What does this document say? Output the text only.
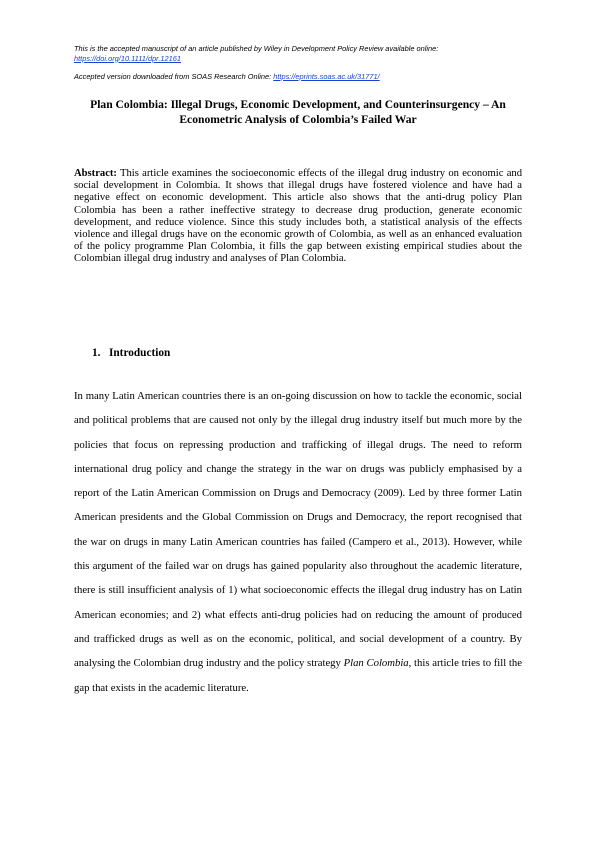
This is the accepted manuscript of an article published by Wiley in Development Policy Review available online:
https://doi.org/10.1111/dpr.12161
Accepted version downloaded from SOAS Research Online: https://eprints.soas.ac.uk/31771/
Plan Colombia: Illegal Drugs, Economic Development, and Counterinsurgency – An
Econometric Analysis of Colombia’s Failed War
Abstract: This article examines the socioeconomic effects of the illegal drug industry on economic and social development in Colombia. It shows that illegal drugs have fostered violence and have had a negative effect on economic development. This article also shows that the anti-drug policy Plan Colombia has been a rather ineffective strategy to decrease drug production, generate economic development, and reduce violence. Since this study includes both, a statistical analysis of the effects violence and illegal drugs have on the economic growth of Colombia, as well as an enhanced evaluation of the policy programme Plan Colombia, it fills the gap between existing empirical studies about the Colombian illegal drug industry and analyses of Plan Colombia.
1. Introduction
In many Latin American countries there is an on-going discussion on how to tackle the economic, social and political problems that are caused not only by the illegal drug industry itself but much more by the policies that focus on repressing production and trafficking of illegal drugs. The need to reform international drug policy and change the strategy in the war on drugs was publicly emphasised by a report of the Latin American Commission on Drugs and Democracy (2009). Led by three former Latin American presidents and the Global Commission on Drugs and Democracy, the report recognised that the war on drugs in many Latin American countries has failed (Campero et al., 2013). However, while this argument of the failed war on drugs has gained popularity also throughout the academic literature, there is still insufficient analysis of 1) what socioeconomic effects the illegal drug industry has on Latin American economies; and 2) what effects anti-drug policies had on reducing the amount of produced and trafficked drugs as well as on the economic, political, and social development of a country. By analysing the Colombian drug industry and the policy strategy Plan Colombia, this article tries to fill the gap that exists in the academic literature.
